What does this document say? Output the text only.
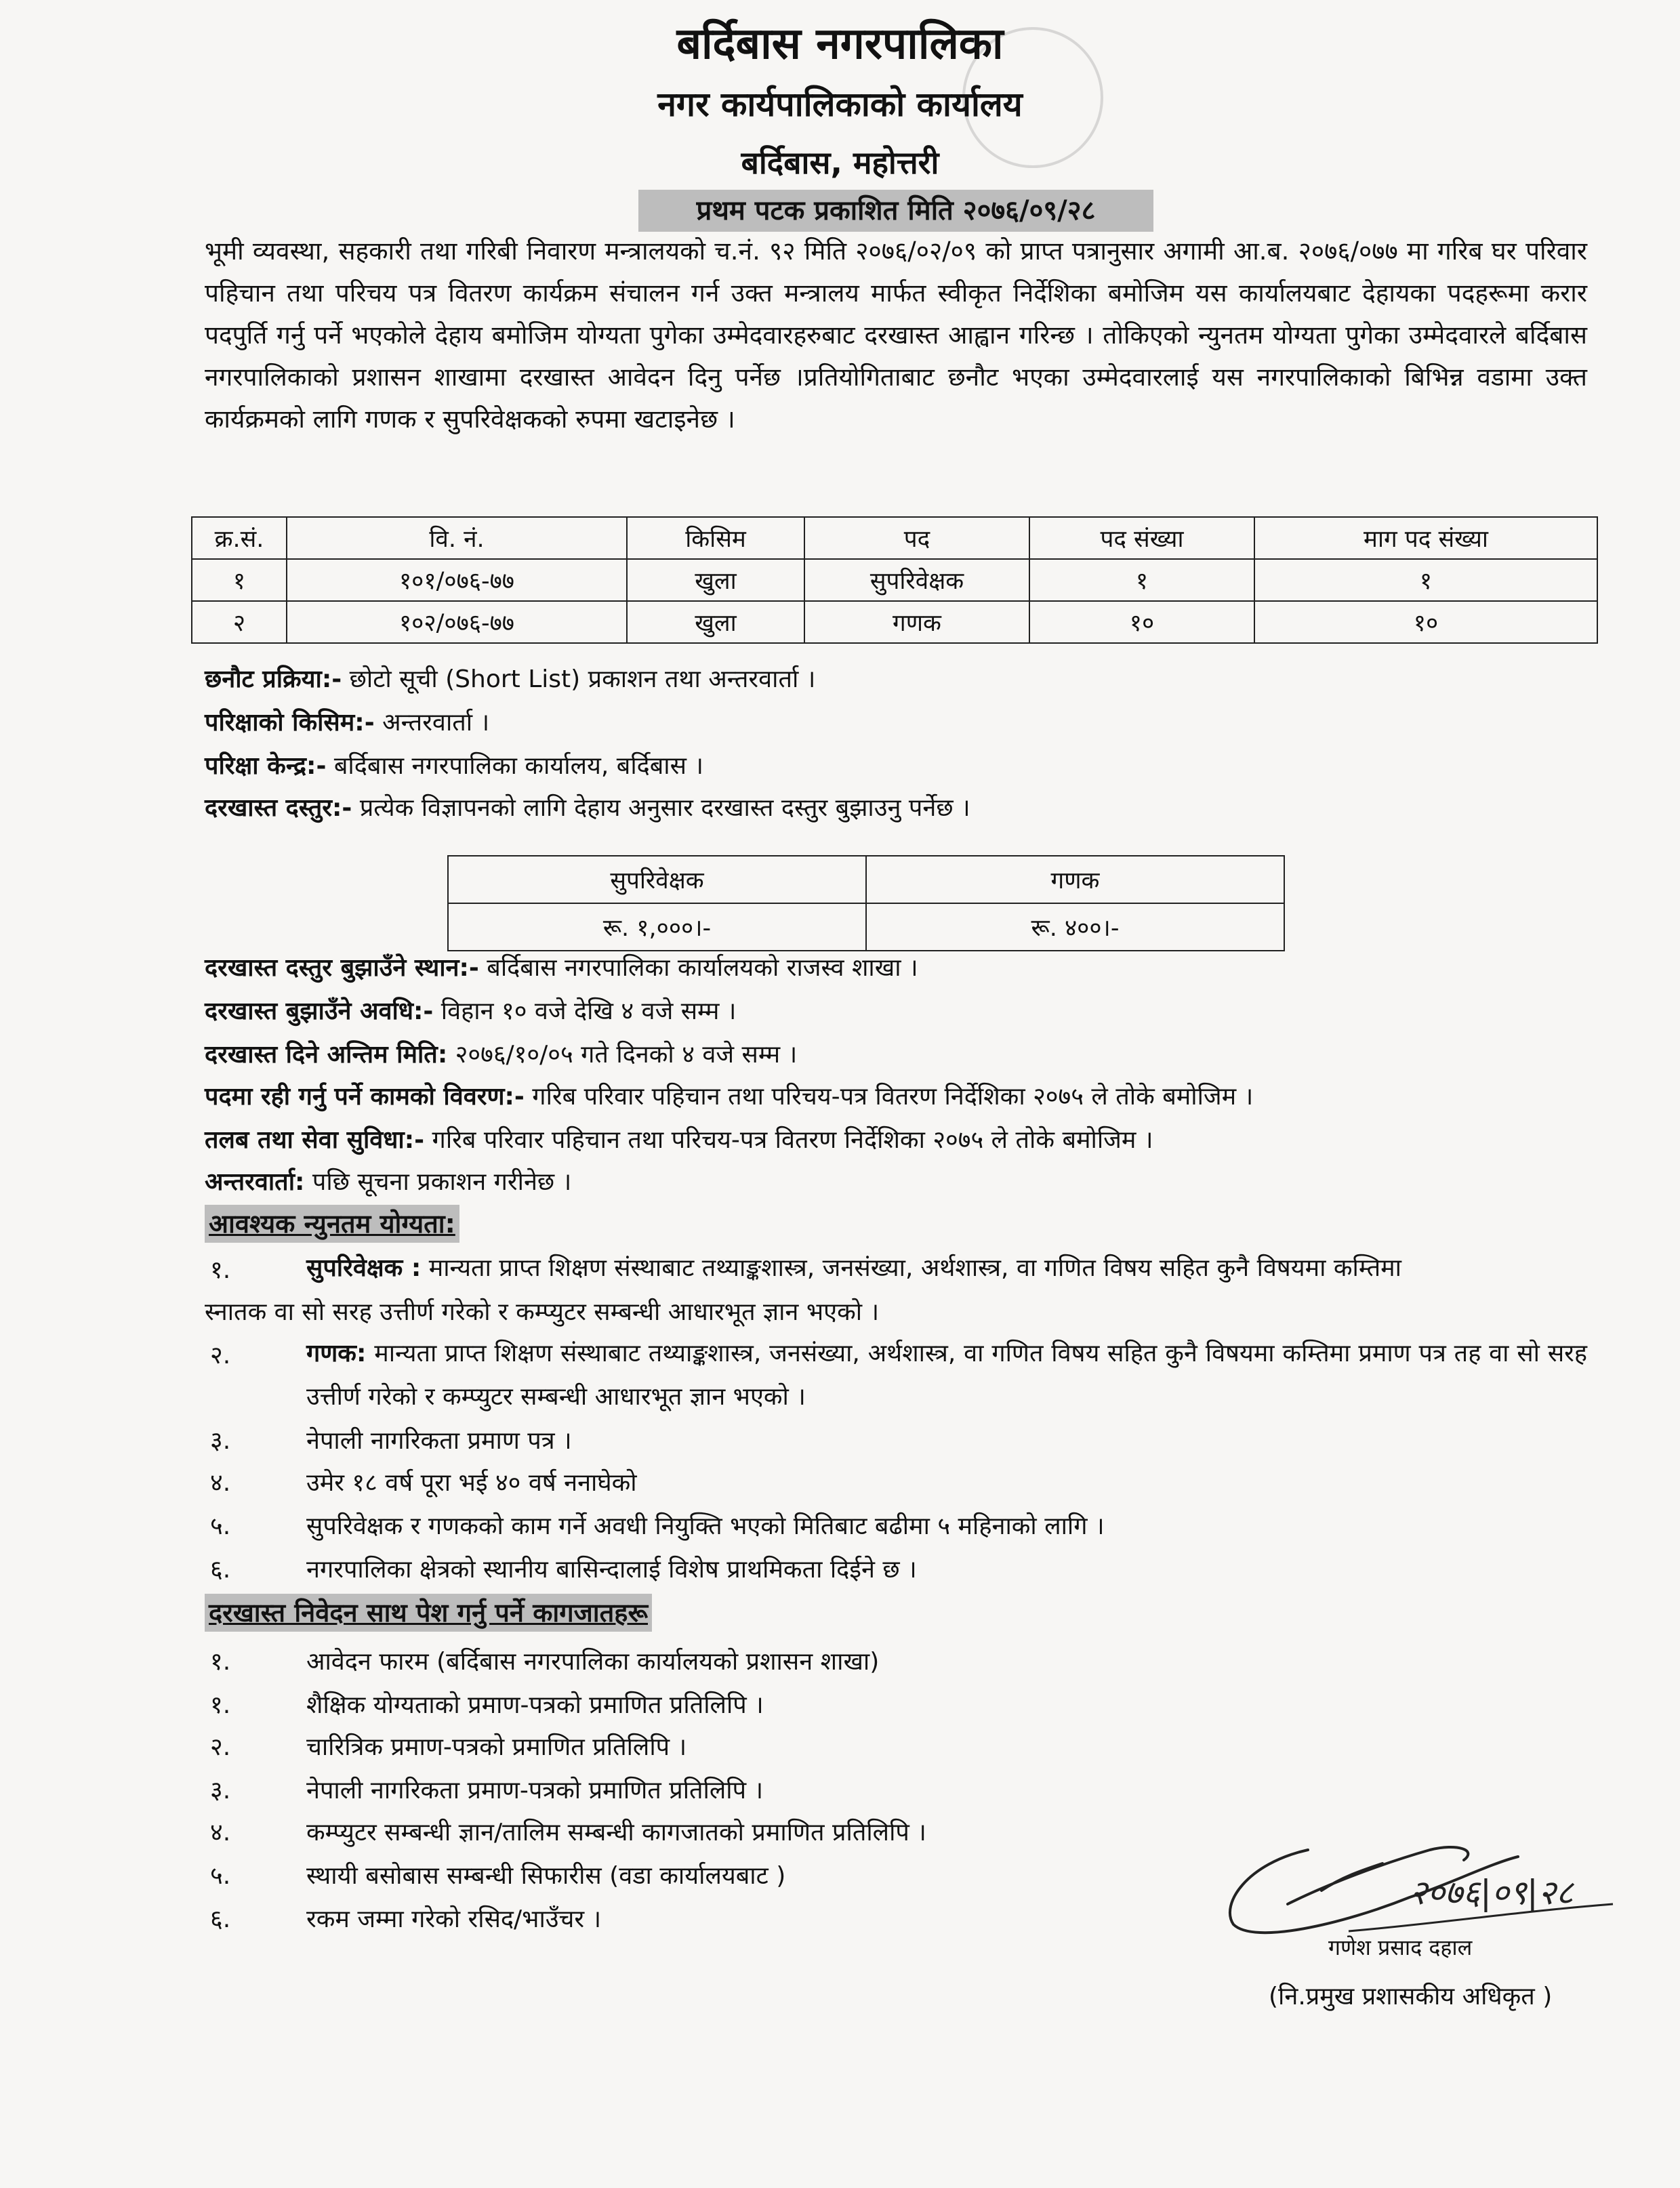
बर्दिबास नगरपालिका
नगर कार्यपालिकाको कार्यालय
बर्दिबास, महोत्तरी
प्रथम पटक प्रकाशित मिति २०७६/०९/२८
भूमी व्यवस्था, सहकारी तथा गरिबी निवारण मन्त्रालयको च.नं. ९२ मिति २०७६/०२/०९ को प्राप्त पत्रानुसार अगामी आ.ब. २०७६/०७७ मा गरिब घर परिवार पहिचान तथा परिचय पत्र वितरण कार्यक्रम संचालन गर्न उक्त मन्त्रालय मार्फत स्वीकृत निर्देशिका बमोजिम यस कार्यालयबाट देहायका पदहरूमा करार पदपुर्ति गर्नु पर्ने भएकोले देहाय बमोजिम योग्यता पुगेका उम्मेदवारहरुबाट दरखास्त आह्वान गरिन्छ । तोकिएको न्युनतम योग्यता पुगेका उम्मेदवारले बर्दिबास नगरपालिकाको प्रशासन शाखामा दरखास्त आवेदन दिनु पर्नेछ ।प्रतियोगिताबाट छनौट भएका उम्मेदवारलाई यस नगरपालिकाको बिभिन्न वडामा उक्त कार्यक्रमको लागि गणक र सुपरिवेक्षकको रुपमा खटाइनेछ ।
क्र.सं.	वि. नं.	किसिम	पद	पद संख्या	माग पद संख्या
१	१०१/०७६-७७	खुला	सुपरिवेक्षक	१	१
२	१०२/०७६-७७	खुला	गणक	१०	१०
छनौट प्रक्रिया:- छोटो सूची (Short List) प्रकाशन तथा अन्तरवार्ता ।
परिक्षाको किसिम:- अन्तरवार्ता ।
परिक्षा केन्द्र:- बर्दिबास नगरपालिका कार्यालय, बर्दिबास ।
दरखास्त दस्तुर:- प्रत्येक विज्ञापनको लागि देहाय अनुसार दरखास्त दस्तुर बुझाउनु पर्नेछ ।
सुपरिवेक्षक	गणक
रू. १,०००।-	रू. ४००।-
दरखास्त दस्तुर बुझाउँने स्थान:- बर्दिबास नगरपालिका कार्यालयको राजस्व शाखा ।
दरखास्त बुझाउँने अवधि:- विहान १० वजे देखि ४ वजे सम्म ।
दरखास्त दिने अन्तिम मिति: २०७६/१०/०५ गते दिनको ४ वजे सम्म ।
पदमा रही गर्नु पर्ने कामको विवरण:- गरिब परिवार पहिचान तथा परिचय-पत्र वितरण निर्देशिका २०७५ ले तोके बमोजिम ।
तलब तथा सेवा सुविधा:- गरिब परिवार पहिचान तथा परिचय-पत्र वितरण निर्देशिका २०७५ ले तोके बमोजिम ।
अन्तरवार्ता: पछि सूचना प्रकाशन गरीनेछ ।
आवश्यक न्युनतम योग्यता:
१.	सुपरिवेक्षक : मान्यता प्राप्त शिक्षण संस्थाबाट तथ्याङ्कशास्त्र, जनसंख्या, अर्थशास्त्र, वा गणित विषय सहित कुनै विषयमा कम्तिमा
स्नातक वा सो सरह उत्तीर्ण गरेको र कम्प्युटर सम्बन्धी आधारभूत ज्ञान भएको ।
२.	गणक: मान्यता प्राप्त शिक्षण संस्थाबाट तथ्याङ्कशास्त्र, जनसंख्या, अर्थशास्त्र, वा गणित विषय सहित कुनै विषयमा कम्तिमा प्रमाण पत्र तह वा सो सरह उत्तीर्ण गरेको र कम्प्युटर सम्बन्धी आधारभूत ज्ञान भएको ।
३.	नेपाली नागरिकता प्रमाण पत्र ।
४.	उमेर १८ वर्ष पूरा भई ४० वर्ष ननाघेको
५.	सुपरिवेक्षक र गणकको काम गर्ने अवधी नियुक्ति भएको मितिबाट बढीमा ५ महिनाको लागि ।
६.	नगरपालिका क्षेत्रको स्थानीय बासिन्दालाई विशेष प्राथमिकता दिईने छ ।
दरखास्त निवेदन साथ पेश गर्नु पर्ने कागजातहरू
१.	आवेदन फारम (बर्दिबास नगरपालिका कार्यालयको प्रशासन शाखा)
१.	शैक्षिक योग्यताको प्रमाण-पत्रको प्रमाणित प्रतिलिपि ।
२.	चारित्रिक प्रमाण-पत्रको प्रमाणित प्रतिलिपि ।
३.	नेपाली नागरिकता प्रमाण-पत्रको प्रमाणित प्रतिलिपि ।
४.	कम्प्युटर सम्बन्धी ज्ञान/तालिम सम्बन्धी कागजातको प्रमाणित प्रतिलिपि ।
५.	स्थायी बसोबास सम्बन्धी सिफारीस (वडा कार्यालयबाट )
६.	रकम जम्मा गरेको रसिद/भाउँचर ।
२०७६|०९|२८
गणेश प्रसाद दहाल
(नि.प्रमुख प्रशासकीय अधिकृत )
